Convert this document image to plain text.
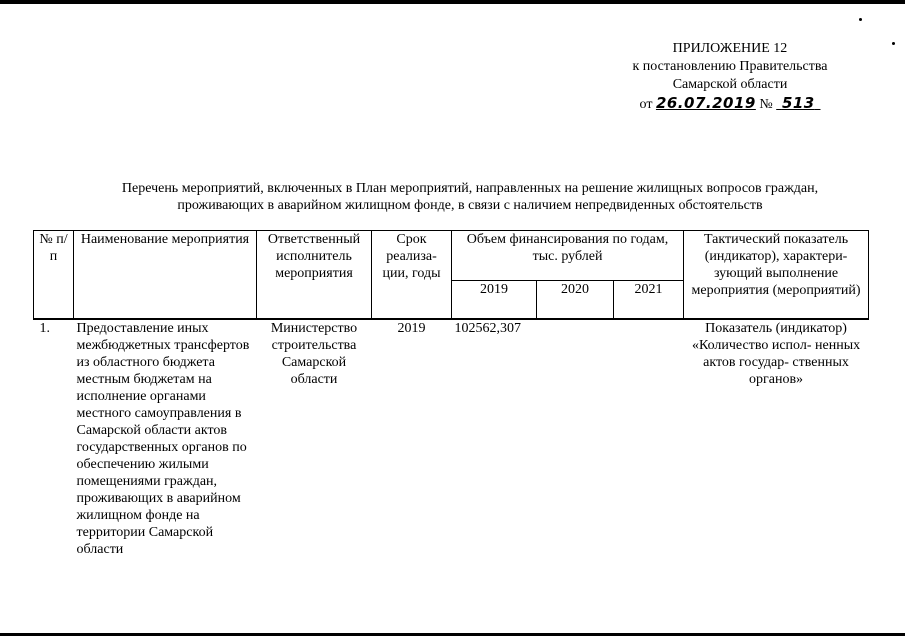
ПРИЛОЖЕНИЕ 12
к постановлению Правительства
Самарской области
от 26.07.2019 № 513
Перечень мероприятий, включенных в План мероприятий, направленных на решение жилищных вопросов граждан,
проживающих в аварийном жилищном фонде, в связи с наличием непредвиденных обстоятельств
№ п/п	Наименование мероприятия	Ответственный исполнитель мероприятия	Срок реализа- ции, годы	Объем финансирования по годам, тыс. рублей			Тактический показатель (индикатор), характери- зующий выполнение мероприятия (мероприятий)
				2019	2020	2021	
1.	Предоставление иных межбюджетных трансфертов из областного бюджета местным бюджетам на исполнение органами местного самоуправления в Самарской области актов государственных органов по обеспечению жилыми помещениями граждан, проживающих в аварийном жилищном фонде на территории Самарской области	Министерство строительства Самарской области	2019	102562,307			Показатель (индикатор) «Количество испол- ненных актов государ- ственных органов»
